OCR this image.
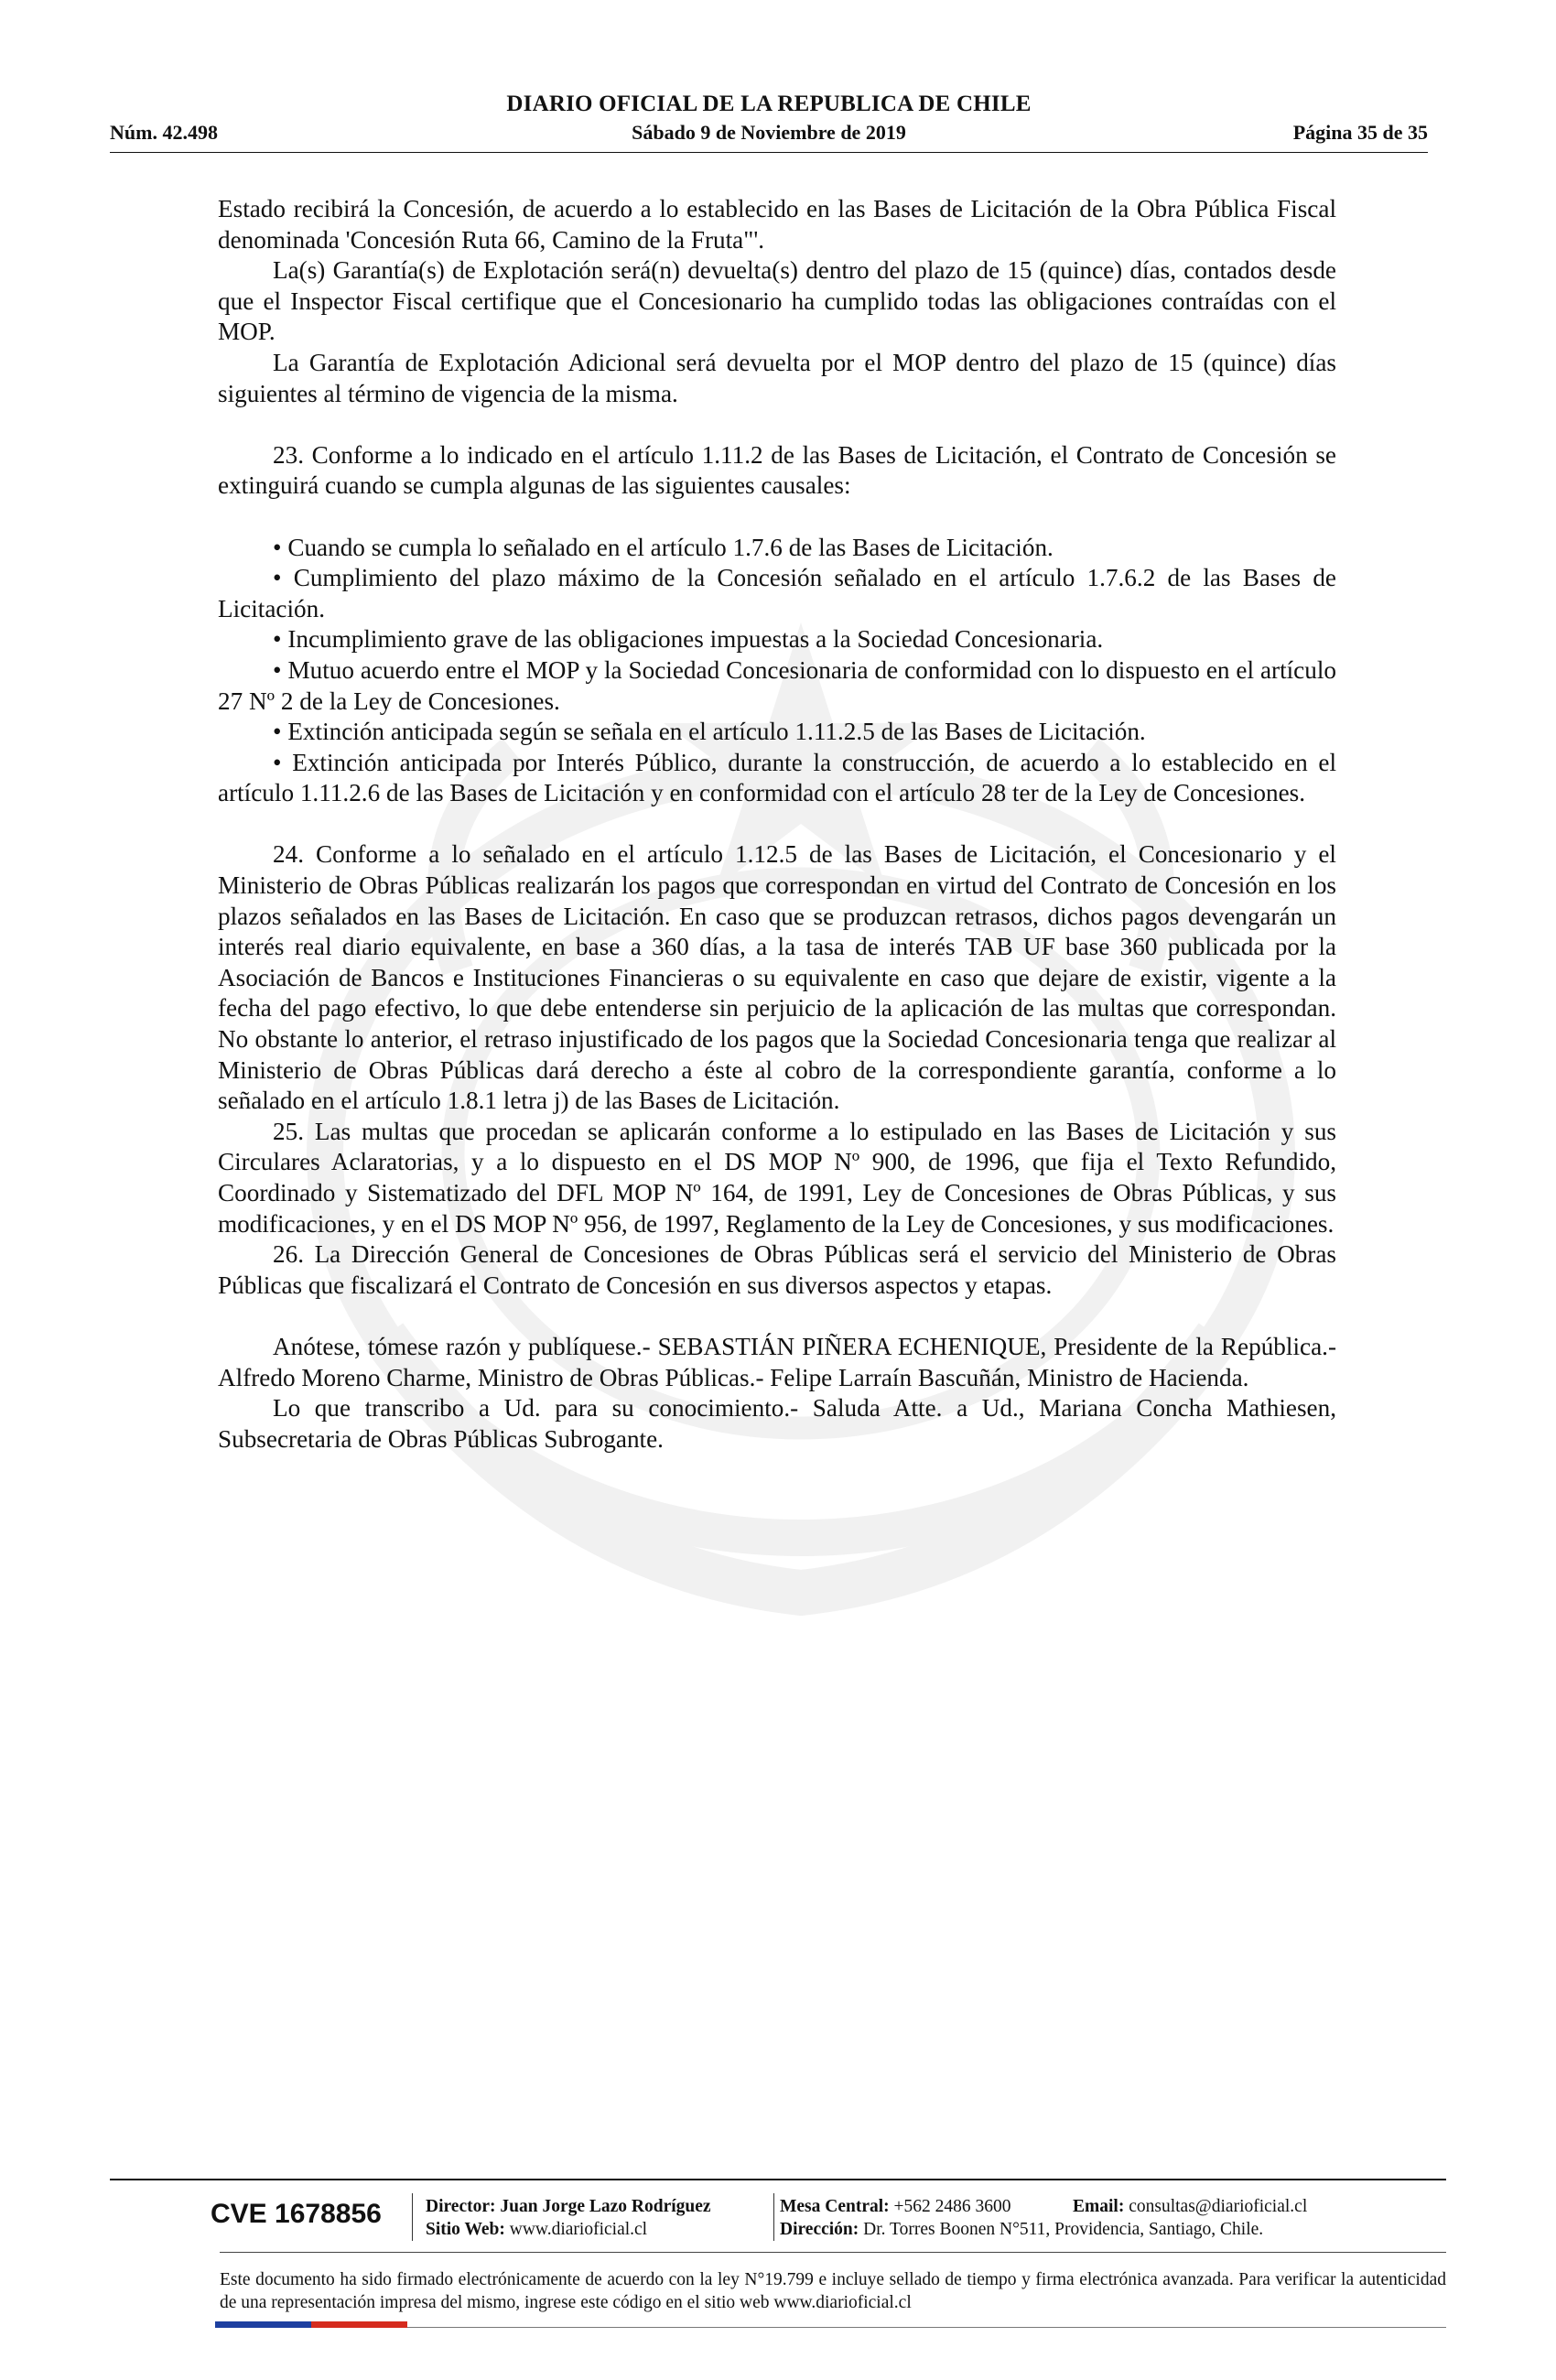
DIARIO OFICIAL DE LA REPUBLICA DE CHILE
Núm. 42.498	Sábado 9 de Noviembre de 2019	Página 35 de 35

Estado recibirá la Concesión, de acuerdo a lo establecido en las Bases de Licitación de la Obra Pública Fiscal denominada 'Concesión Ruta 66, Camino de la Fruta"'.

La(s) Garantía(s) de Explotación será(n) devuelta(s) dentro del plazo de 15 (quince) días, contados desde que el Inspector Fiscal certifique que el Concesionario ha cumplido todas las obligaciones contraídas con el MOP.

La Garantía de Explotación Adicional será devuelta por el MOP dentro del plazo de 15 (quince) días siguientes al término de vigencia de la misma.

23. Conforme a lo indicado en el artículo 1.11.2 de las Bases de Licitación, el Contrato de Concesión se extinguirá cuando se cumpla algunas de las siguientes causales:

• Cuando se cumpla lo señalado en el artículo 1.7.6 de las Bases de Licitación.

• Cumplimiento del plazo máximo de la Concesión señalado en el artículo 1.7.6.2 de las Bases de Licitación.

• Incumplimiento grave de las obligaciones impuestas a la Sociedad Concesionaria.

• Mutuo acuerdo entre el MOP y la Sociedad Concesionaria de conformidad con lo dispuesto en el artículo 27 Nº 2 de la Ley de Concesiones.

• Extinción anticipada según se señala en el artículo 1.11.2.5 de las Bases de Licitación.

• Extinción anticipada por Interés Público, durante la construcción, de acuerdo a lo establecido en el artículo 1.11.2.6 de las Bases de Licitación y en conformidad con el artículo 28 ter de la Ley de Concesiones.

24. Conforme a lo señalado en el artículo 1.12.5 de las Bases de Licitación, el Concesionario y el Ministerio de Obras Públicas realizarán los pagos que correspondan en virtud del Contrato de Concesión en los plazos señalados en las Bases de Licitación. En caso que se produzcan retrasos, dichos pagos devengarán un interés real diario equivalente, en base a 360 días, a la tasa de interés TAB UF base 360 publicada por la Asociación de Bancos e Instituciones Financieras o su equivalente en caso que dejare de existir, vigente a la fecha del pago efectivo, lo que debe entenderse sin perjuicio de la aplicación de las multas que correspondan. No obstante lo anterior, el retraso injustificado de los pagos que la Sociedad Concesionaria tenga que realizar al Ministerio de Obras Públicas dará derecho a éste al cobro de la correspondiente garantía, conforme a lo señalado en el artículo 1.8.1 letra j) de las Bases de Licitación.

25. Las multas que procedan se aplicarán conforme a lo estipulado en las Bases de Licitación y sus Circulares Aclaratorias, y a lo dispuesto en el DS MOP Nº 900, de 1996, que fija el Texto Refundido, Coordinado y Sistematizado del DFL MOP Nº 164, de 1991, Ley de Concesiones de Obras Públicas, y sus modificaciones, y en el DS MOP Nº 956, de 1997, Reglamento de la Ley de Concesiones, y sus modificaciones.

26. La Dirección General de Concesiones de Obras Públicas será el servicio del Ministerio de Obras Públicas que fiscalizará el Contrato de Concesión en sus diversos aspectos y etapas.

Anótese, tómese razón y publíquese.- SEBASTIÁN PIÑERA ECHENIQUE, Presidente de la República.- Alfredo Moreno Charme, Ministro de Obras Públicas.- Felipe Larraín Bascuñán, Ministro de Hacienda.

Lo que transcribo a Ud. para su conocimiento.- Saluda Atte. a Ud., Mariana Concha Mathiesen, Subsecretaria de Obras Públicas Subrogante.

CVE 1678856 Director: Juan Jorge Lazo Rodríguez
Sitio Web: www.diarioficial.cl
Mesa Central: +562 2486 3600	Email: consultas@diarioficial.cl
Dirección: Dr. Torres Boonen N°511, Providencia, Santiago, Chile.
Este documento ha sido firmado electrónicamente de acuerdo con la ley N°19.799 e incluye sellado de tiempo y firma electrónica avanzada. Para verificar la autenticidad de una representación impresa del mismo, ingrese este código en el sitio web www.diarioficial.cl
